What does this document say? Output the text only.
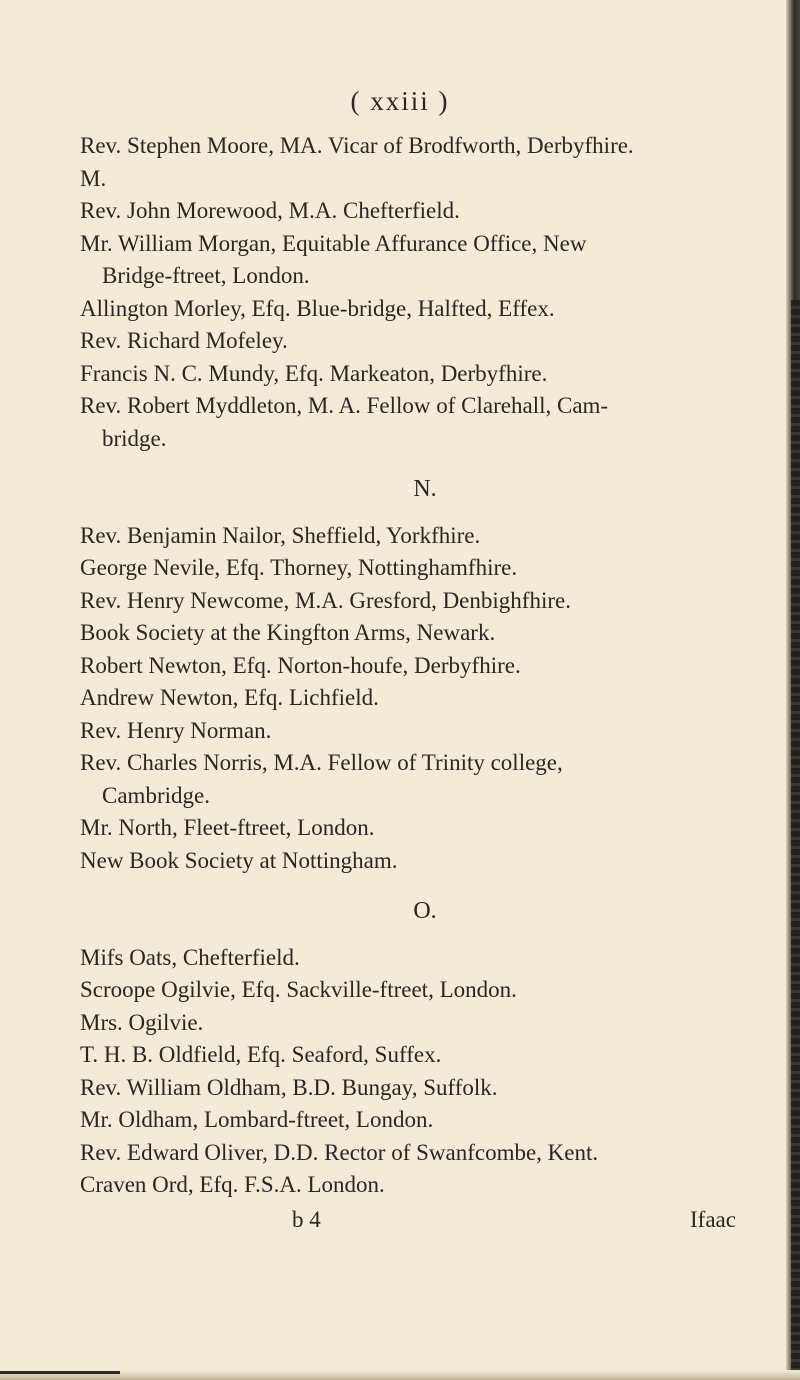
( xxiii )
Rev. Stephen Moore, MA. Vicar of Brodfworth, Derbyfhire.
M.
Rev. John Morewood, M.A. Chefterfield.
Mr. William Morgan, Equitable Affurance Office, New
Bridge-ftreet, London.
Allington Morley, Efq. Blue-bridge, Halfted, Effex.
Rev. Richard Mofeley.
Francis N. C. Mundy, Efq. Markeaton, Derbyfhire.
Rev. Robert Myddleton, M. A. Fellow of Clarehall, Cam-
bridge.
N.
Rev. Benjamin Nailor, Sheffield, Yorkfhire.
George Nevile, Efq. Thorney, Nottinghamfhire.
Rev. Henry Newcome, M.A. Gresford, Denbighfhire.
Book Society at the Kingfton Arms, Newark.
Robert Newton, Efq. Norton-houfe, Derbyfhire.
Andrew Newton, Efq. Lichfield.
Rev. Henry Norman.
Rev. Charles Norris, M.A. Fellow of Trinity college,
Cambridge.
Mr. North, Fleet-ftreet, London.
New Book Society at Nottingham.
O.
Mifs Oats, Chefterfield.
Scroope Ogilvie, Efq. Sackville-ftreet, London.
Mrs. Ogilvie.
T. H. B. Oldfield, Efq. Seaford, Suffex.
Rev. William Oldham, B.D. Bungay, Suffolk.
Mr. Oldham, Lombard-ftreet, London.
Rev. Edward Oliver, D.D. Rector of Swanfcombe, Kent.
Craven Ord, Efq. F.S.A. London.
b 4	Ifaac
